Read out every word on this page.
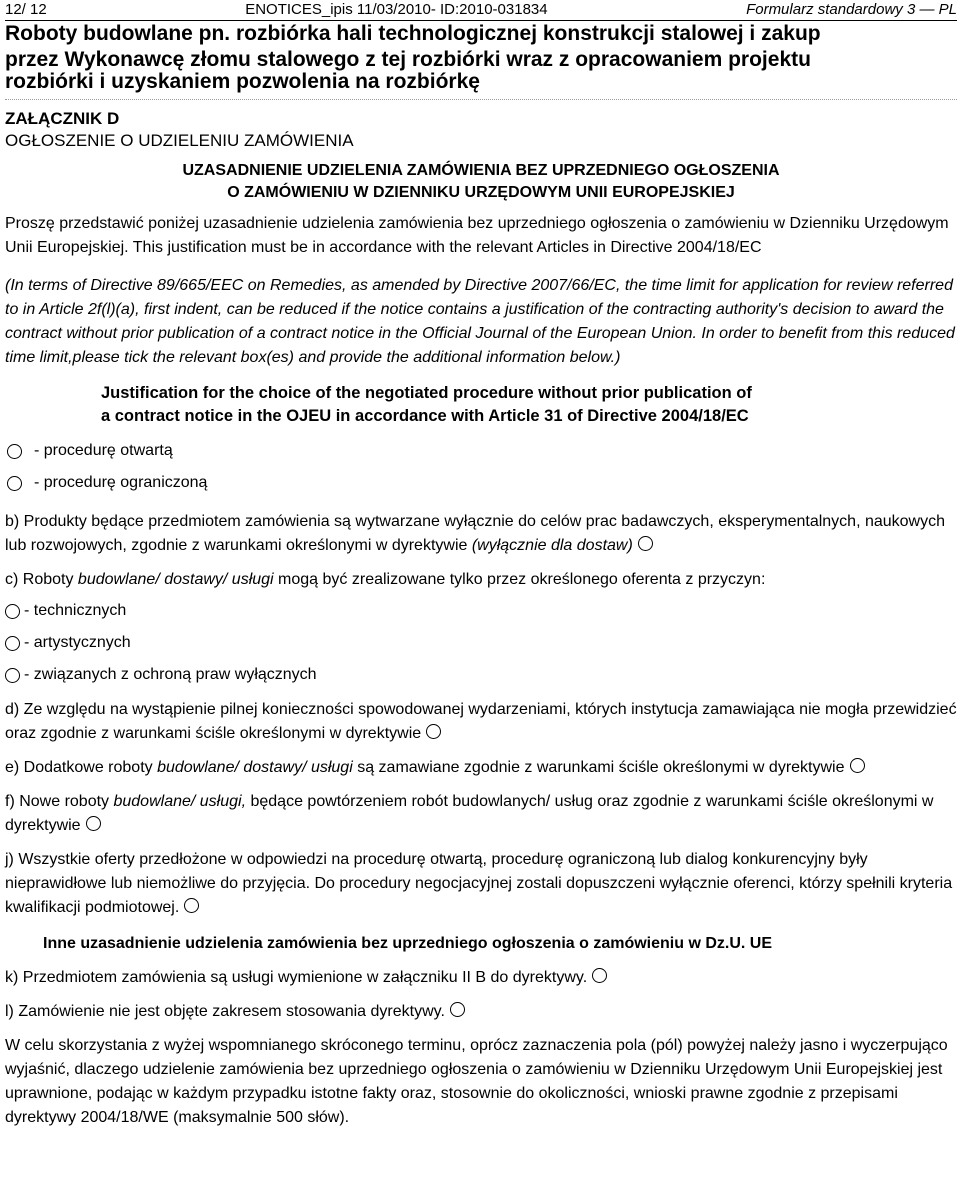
12/ 12	ENOTICES_ipis 11/03/2010- ID:2010-031834	Formularz standardowy 3 — PL
Roboty budowlane pn. rozbiórka hali technologicznej konstrukcji stalowej i zakup
przez Wykonawcę złomu stalowego z tej rozbiórki wraz z opracowaniem projektu
rozbiórki i uzyskaniem pozwolenia na rozbiórkę
ZAŁĄCZNIK D
OGŁOSZENIE O UDZIELENIU ZAMÓWIENIA
UZASADNIENIE UDZIELENIA ZAMÓWIENIA BEZ UPRZEDNIEGO OGŁOSZENIA
O ZAMÓWIENIU W DZIENNIKU URZĘDOWYM UNII EUROPEJSKIEJ

Proszę przedstawić poniżej uzasadnienie udzielenia zamówienia bez uprzedniego ogłoszenia o zamówieniu w Dzienniku Urzędowym Unii Europejskiej. This justification must be in accordance with the relevant Articles in Directive 2004/18/EC

(In terms of Directive 89/665/EEC on Remedies, as amended by Directive 2007/66/EC, the time limit for application for review referred to in Article 2f(l)(a), first indent, can be reduced if the notice contains a justification of the contracting authority's decision to award the contract without prior publication of a contract notice in the Official Journal of the European Union. In order to benefit from this reduced time limit,please tick the relevant box(es) and provide the additional information below.)

Justification for the choice of the negotiated procedure without prior publication of
a contract notice in the OJEU in accordance with Article 31 of Directive 2004/18/EC
- procedurę otwartą
- procedurę ograniczoną

b) Produkty będące przedmiotem zamówienia są wytwarzane wyłącznie do celów prac badawczych, eksperymentalnych, naukowych lub rozwojowych, zgodnie z warunkami określonymi w dyrektywie (wyłącznie dla dostaw)

c) Roboty budowlane/ dostawy/ usługi mogą być zrealizowane tylko przez określonego oferenta z przyczyn:

- technicznych
- artystycznych
- związanych z ochroną praw wyłącznych

d) Ze względu na wystąpienie pilnej konieczności spowodowanej wydarzeniami, których instytucja zamawiająca nie mogła przewidzieć oraz zgodnie z warunkami ściśle określonymi w dyrektywie

e) Dodatkowe roboty budowlane/ dostawy/ usługi są zamawiane zgodnie z warunkami ściśle określonymi w dyrektywie

f) Nowe roboty budowlane/ usługi, będące powtórzeniem robót budowlanych/ usług oraz zgodnie z warunkami ściśle określonymi w dyrektywie

j) Wszystkie oferty przedłożone w odpowiedzi na procedurę otwartą, procedurę ograniczoną lub dialog konkurencyjny były nieprawidłowe lub niemożliwe do przyjęcia. Do procedury negocjacyjnej zostali dopuszczeni wyłącznie oferenci, którzy spełnili kryteria kwalifikacji podmiotowej.

Inne uzasadnienie udzielenia zamówienia bez uprzedniego ogłoszenia o zamówieniu w Dz.U. UE

k) Przedmiotem zamówienia są usługi wymienione w załączniku II B do dyrektywy.

l) Zamówienie nie jest objęte zakresem stosowania dyrektywy.

W celu skorzystania z wyżej wspomnianego skróconego terminu, oprócz zaznaczenia pola (pól) powyżej należy jasno i wyczerpująco wyjaśnić, dlaczego udzielenie zamówienia bez uprzedniego ogłoszenia o zamówieniu w Dzienniku Urzędowym Unii Europejskiej jest uprawnione, podając w każdym przypadku istotne fakty oraz, stosownie do okoliczności, wnioski prawne zgodnie z przepisami dyrektywy 2004/18/WE (maksymalnie 500 słów).
